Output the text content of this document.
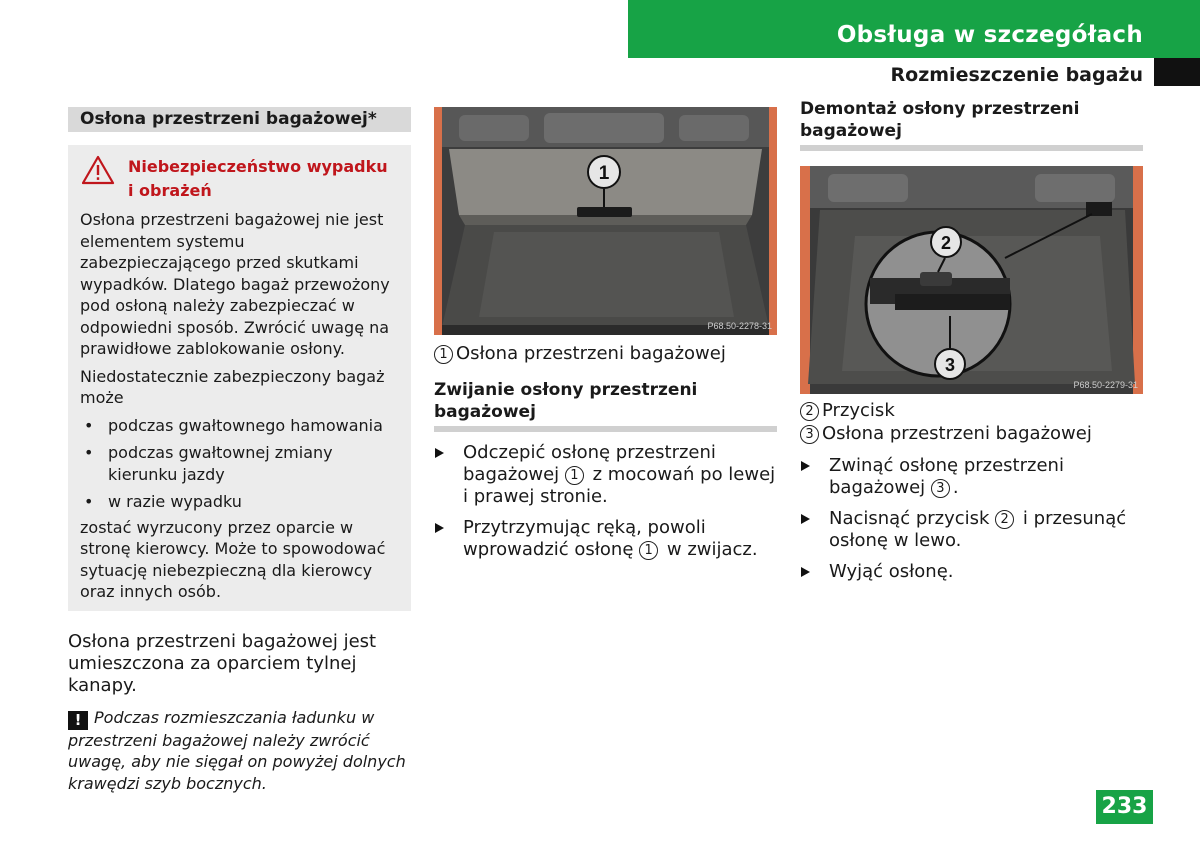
Obsługa w szczegółach
Rozmieszczenie bagażu
Osłona przestrzeni bagażowej*
Niebezpieczeństwo wypadku
i obrażeń

Osłona przestrzeni bagażowej nie jest elementem systemu zabezpieczającego przed skutkami wypadków. Dlatego bagaż przewożony pod osłoną należy zabezpieczać w odpowiedni sposób. Zwrócić uwagę na prawidłowe zablokowanie osłony.

Niedostatecznie zabezpieczony bagaż może

• podczas gwałtownego hamowania
• podczas gwałtownej zmiany kierunku jazdy
• w razie wypadku

zostać wyrzucony przez oparcie w stronę kierowcy. Może to spowodować sytuację niebezpieczną dla kierowcy oraz innych osób.

Osłona przestrzeni bagażowej jest umieszczona za oparciem tylnej kanapy.
! Podczas rozmieszczania ładunku w przestrzeni bagażowej należy zwrócić uwagę, aby nie sięgał on powyżej dolnych krawędzi szyb bocznych.
1
P68.50-2278-31
1 Osłona przestrzeni bagażowej
Zwijanie osłony przestrzeni bagażowej
Odczepić osłonę przestrzeni bagażowej 1 z mocowań po lewej i prawej stronie.
Przytrzymując ręką, powoli wprowadzić osłonę 1 w zwijacz.
Demontaż osłony przestrzeni bagażowej
2
3
P68.50-2279-31
2 Przycisk
3 Osłona przestrzeni bagażowej
Zwinąć osłonę przestrzeni bagażowej 3 .
Nacisnąć przycisk 2 i przesunąć osłonę w lewo.
Wyjąć osłonę.
233
